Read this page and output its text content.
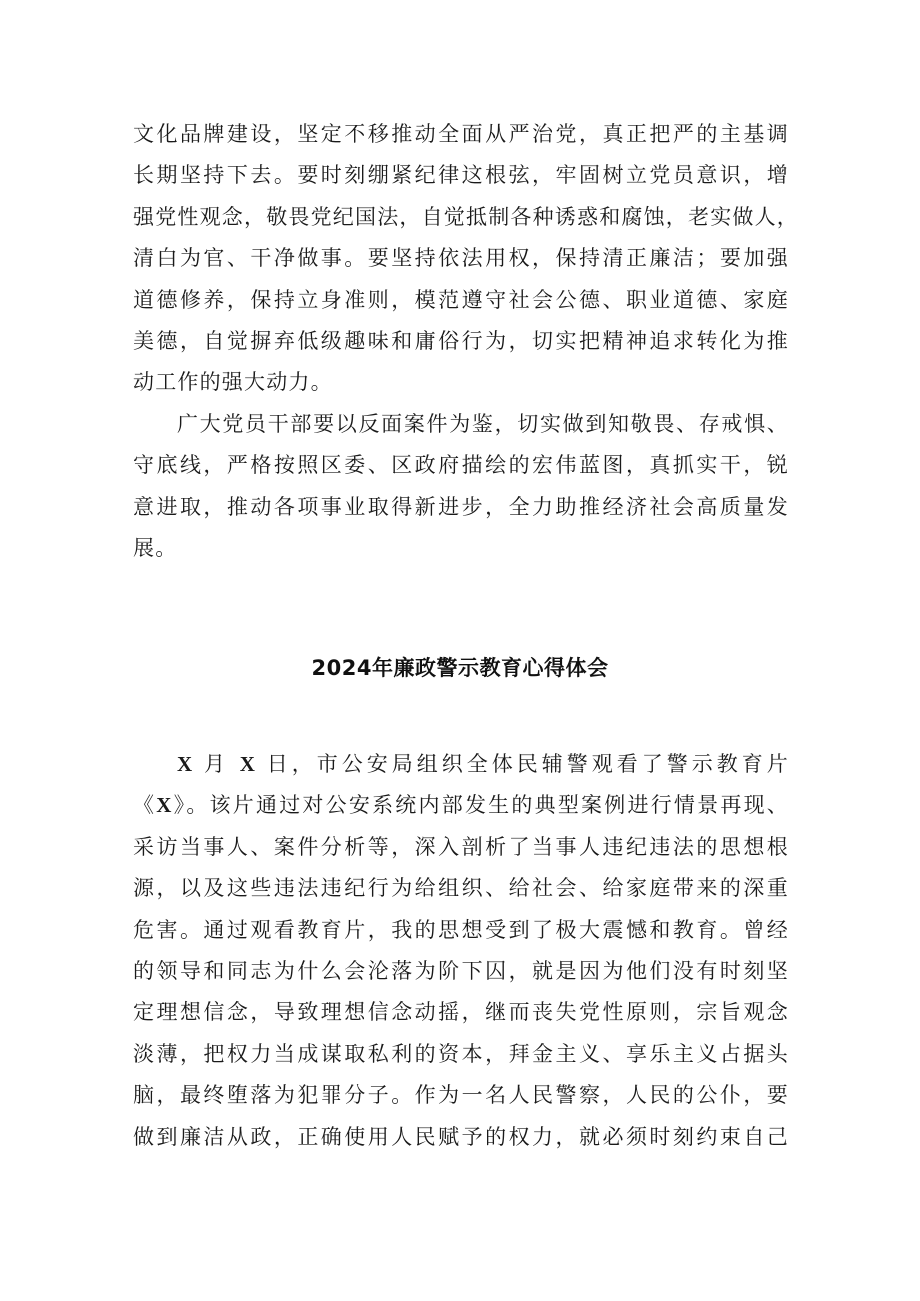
文化品牌建设，坚定不移推动全面从严治党，真正把严的主基调
长期坚持下去。要时刻绷紧纪律这根弦，牢固树立党员意识，增
强党性观念，敬畏党纪国法，自觉抵制各种诱惑和腐蚀，老实做人，
清白为官、干净做事。要坚持依法用权，保持清正廉洁；要加强
道德修养，保持立身准则，模范遵守社会公德、职业道德、家庭
美德，自觉摒弃低级趣味和庸俗行为，切实把精神追求转化为推
动工作的强大动力。
广大党员干部要以反面案件为鉴，切实做到知敬畏、存戒惧、
守底线，严格按照区委、区政府描绘的宏伟蓝图，真抓实干，锐
意进取，推动各项事业取得新进步，全力助推经济社会高质量发
展。
2024年廉政警示教育心得体会
X 月 X 日，市公安局组织全体民辅警观看了警示教育片
《X》。该片通过对公安系统内部发生的典型案例进行情景再现、
采访当事人、案件分析等，深入剖析了当事人违纪违法的思想根
源，以及这些违法违纪行为给组织、给社会、给家庭带来的深重
危害。通过观看教育片，我的思想受到了极大震憾和教育。曾经
的领导和同志为什么会沦落为阶下囚，就是因为他们没有时刻坚
定理想信念，导致理想信念动摇，继而丧失党性原则，宗旨观念
淡薄，把权力当成谋取私利的资本，拜金主义、享乐主义占据头
脑，最终堕落为犯罪分子。作为一名人民警察，人民的公仆，要
做到廉洁从政，正确使用人民赋予的权力，就必须时刻约束自己
